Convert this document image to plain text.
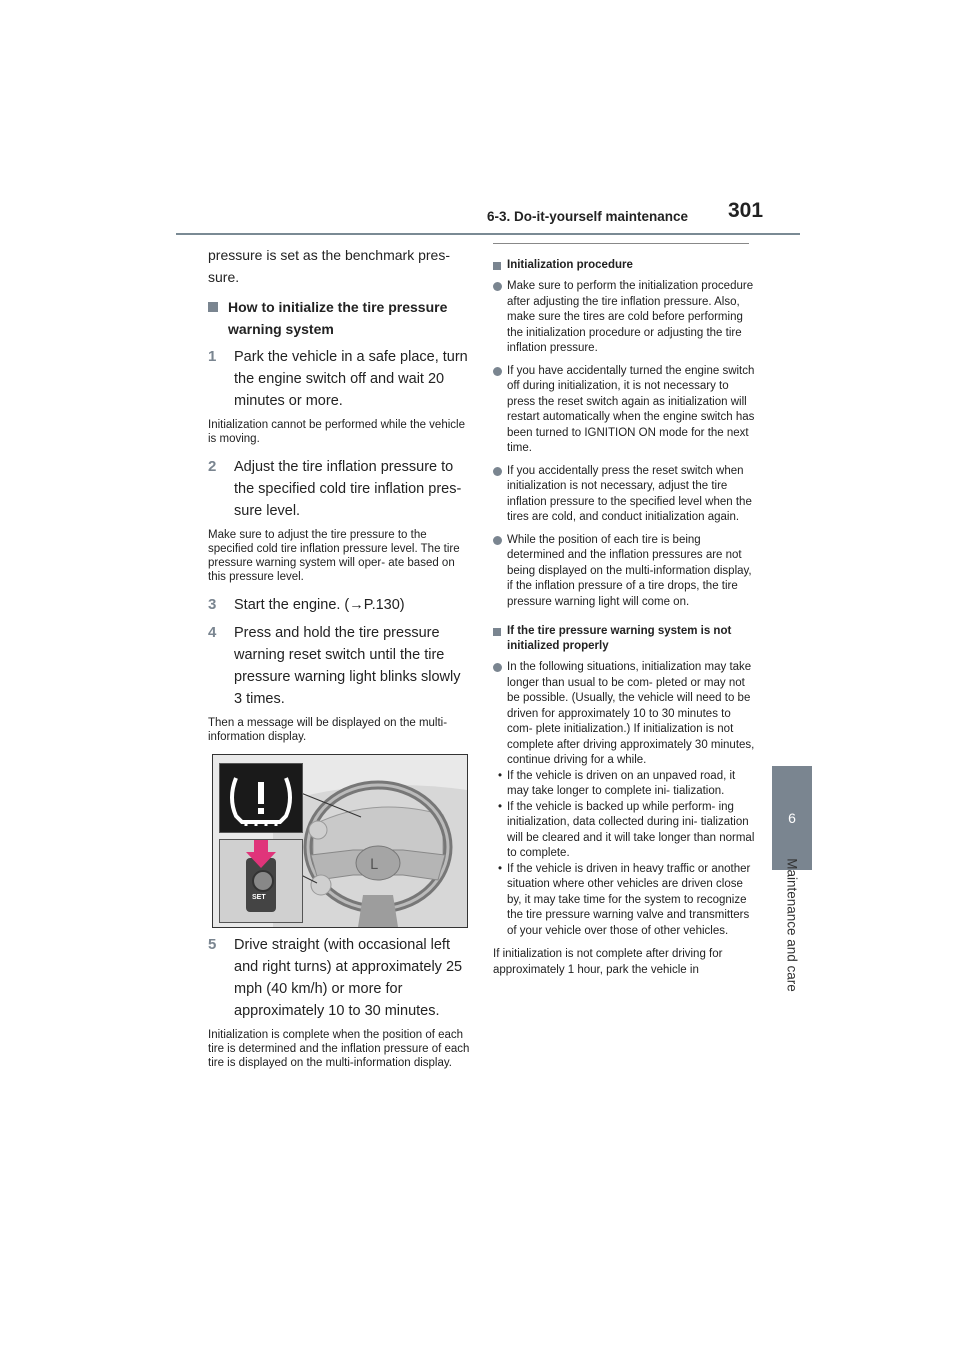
6-3. Do-it-yourself maintenance 301
6
Maintenance and care

pressure is set as the benchmark pres- sure.

How to initialize the tire pressure warning system
1	Park the vehicle in a safe place, turn the engine switch off and wait 20 minutes or more.

Initialization cannot be performed while the vehicle is moving.

2	Adjust the tire inflation pressure to the specified cold tire inflation pres- sure level.

Make sure to adjust the tire pressure to the specified cold tire inflation pressure level. The tire pressure warning system will oper- ate based on this pressure level.

3	Start the engine. (→P.130)
4	Press and hold the tire pressure warning reset switch until the tire pressure warning light blinks slowly 3 times.

Then a message will be displayed on the multi-information display.

L
SET
5	Drive straight (with occasional left and right turns) at approximately 25 mph (40 km/h) or more for approximately 10 to 30 minutes.

Initialization is complete when the position of each tire is determined and the inflation pressure of each tire is displayed on the multi-information display.

Initialization procedure
Make sure to perform the initialization procedure after adjusting the tire inflation pressure. Also, make sure the tires are cold before performing the initialization procedure or adjusting the tire inflation pressure.
If you have accidentally turned the engine switch off during initialization, it is not necessary to press the reset switch again as initialization will restart automatically when the engine switch has been turned to IGNITION ON mode for the next time.
If you accidentally press the reset switch when initialization is not necessary, adjust the tire inflation pressure to the specified level when the tires are cold, and conduct initialization again.
While the position of each tire is being determined and the inflation pressures are not being displayed on the multi-information display, if the inflation pressure of a tire drops, the tire pressure warning light will come on.
If the tire pressure warning system is not initialized properly
In the following situations, initialization may take longer than usual to be com- pleted or may not be possible. (Usually, the vehicle will need to be driven for approximately 10 to 30 minutes to com- plete initialization.) If initialization is not complete after driving approximately 30 minutes, continue driving for a while.
• If the vehicle is driven on an unpaved road, it may take longer to complete ini- tialization.
• If the vehicle is backed up while perform- ing initialization, data collected during ini- tialization will be cleared and it will take longer than normal to complete.
• If the vehicle is driven in heavy traffic or another situation where other vehicles are driven close by, it may take time for the system to recognize the tire pressure warning valve and transmitters of your vehicle over those of other vehicles.

If initialization is not complete after driving for approximately 1 hour, park the vehicle in
